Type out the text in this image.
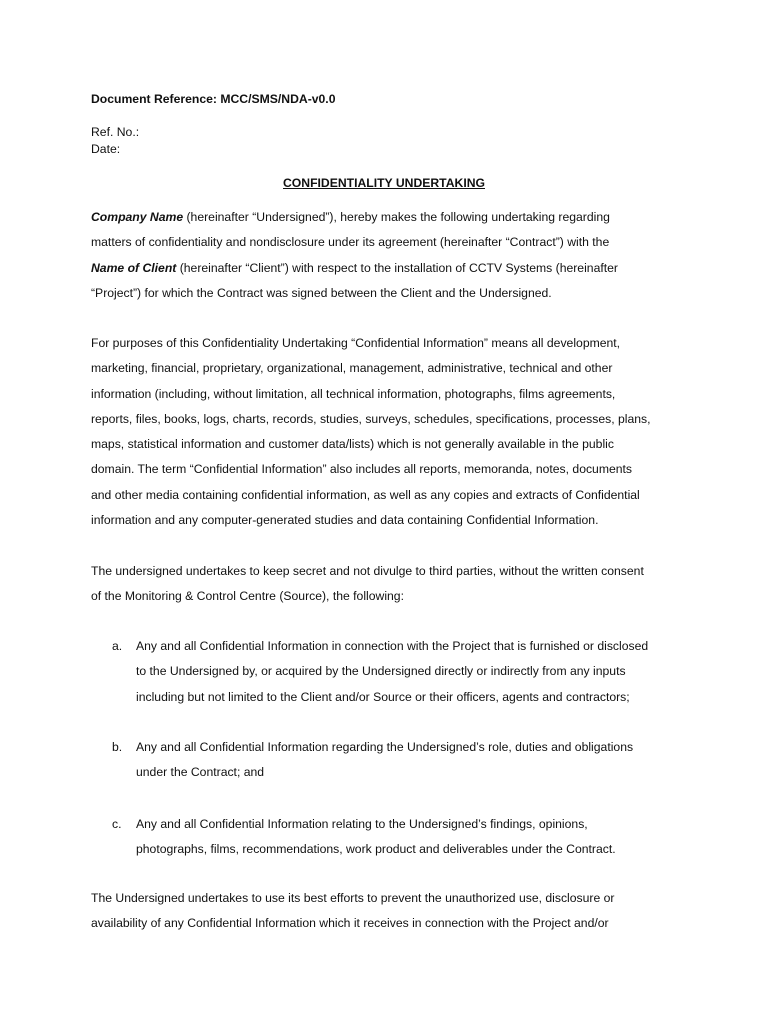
Document Reference: MCC/SMS/NDA-v0.0
Ref. No.:
Date:
CONFIDENTIALITY UNDERTAKING

Company Name (hereinafter “Undersigned”), hereby makes the following undertaking regarding
matters of confidentiality and nondisclosure under its agreement (hereinafter “Contract”) with the
Name of Client (hereinafter “Client”) with respect to the installation of CCTV Systems (hereinafter
“Project”) for which the Contract was signed between the Client and the Undersigned.

For purposes of this Confidentiality Undertaking “Confidential Information” means all development,
marketing, financial, proprietary, organizational, management, administrative, technical and other
information (including, without limitation, all technical information, photographs, films agreements,
reports, files, books, logs, charts, records, studies, surveys, schedules, specifications, processes, plans,
maps, statistical information and customer data/lists) which is not generally available in the public
domain. The term “Confidential Information” also includes all reports, memoranda, notes, documents
and other media containing confidential information, as well as any copies and extracts of Confidential
information and any computer-generated studies and data containing Confidential Information.

The undersigned undertakes to keep secret and not divulge to third parties, without the written consent
of the Monitoring & Control Centre (Source), the following:

a. Any and all Confidential Information in connection with the Project that is furnished or disclosed
to the Undersigned by, or acquired by the Undersigned directly or indirectly from any inputs
including but not limited to the Client and/or Source or their officers, agents and contractors;
b. Any and all Confidential Information regarding the Undersigned’s role, duties and obligations
under the Contract; and
c. Any and all Confidential Information relating to the Undersigned’s findings, opinions,
photographs, films, recommendations, work product and deliverables under the Contract.

The Undersigned undertakes to use its best efforts to prevent the unauthorized use, disclosure or
availability of any Confidential Information which it receives in connection with the Project and/or
